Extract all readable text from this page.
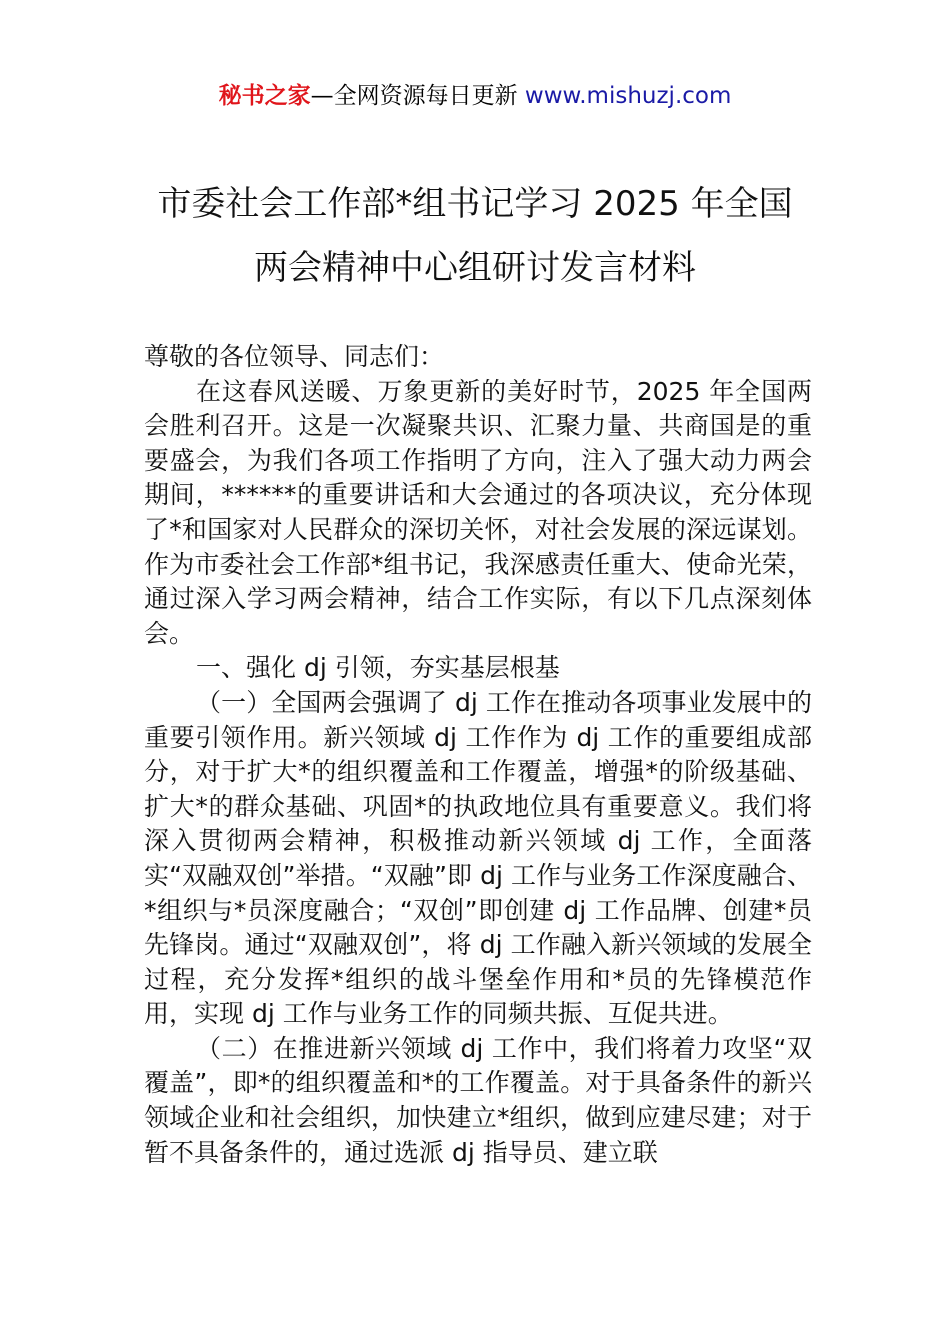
秘书之家—全网资源每日更新 www.mishuzj.com
市委社会工作部*组书记学习 2025 年全国
两会精神中心组研讨发言材料

尊敬的各位领导、同志们：

在这春风送暖、万象更新的美好时节，2025 年全国两会胜利召开。这是一次凝聚共识、汇聚力量、共商国是的重要盛会，为我们各项工作指明了方向，注入了强大动力两会期间，******的重要讲话和大会通过的各项决议，充分体现了*和国家对人民群众的深切关怀，对社会发展的深远谋划。作为市委社会工作部*组书记，我深感责任重大、使命光荣，通过深入学习两会精神，结合工作实际，有以下几点深刻体会。

一、强化 dj 引领，夯实基层根基

（一）全国两会强调了 dj 工作在推动各项事业发展中的重要引领作用。新兴领域 dj 工作作为 dj 工作的重要组成部分，对于扩大*的组织覆盖和工作覆盖，增强*的阶级基础、扩大*的群众基础、巩固*的执政地位具有重要意义。我们将深入贯彻两会精神，积极推动新兴领域 dj 工作，全面落实“双融双创”举措。“双融”即 dj 工作与业务工作深度融合、*组织与*员深度融合；“双创”即创建 dj 工作品牌、创建*员先锋岗。通过“双融双创”，将 dj 工作融入新兴领域的发展全过程，充分发挥*组织的战斗堡垒作用和*员的先锋模范作用，实现 dj 工作与业务工作的同频共振、互促共进。

（二）在推进新兴领域 dj 工作中，我们将着力攻坚“双覆盖”，即*的组织覆盖和*的工作覆盖。对于具备条件的新兴领域企业和社会组织，加快建立*组织，做到应建尽建；对于暂不具备条件的，通过选派 dj 指导员、建立联
